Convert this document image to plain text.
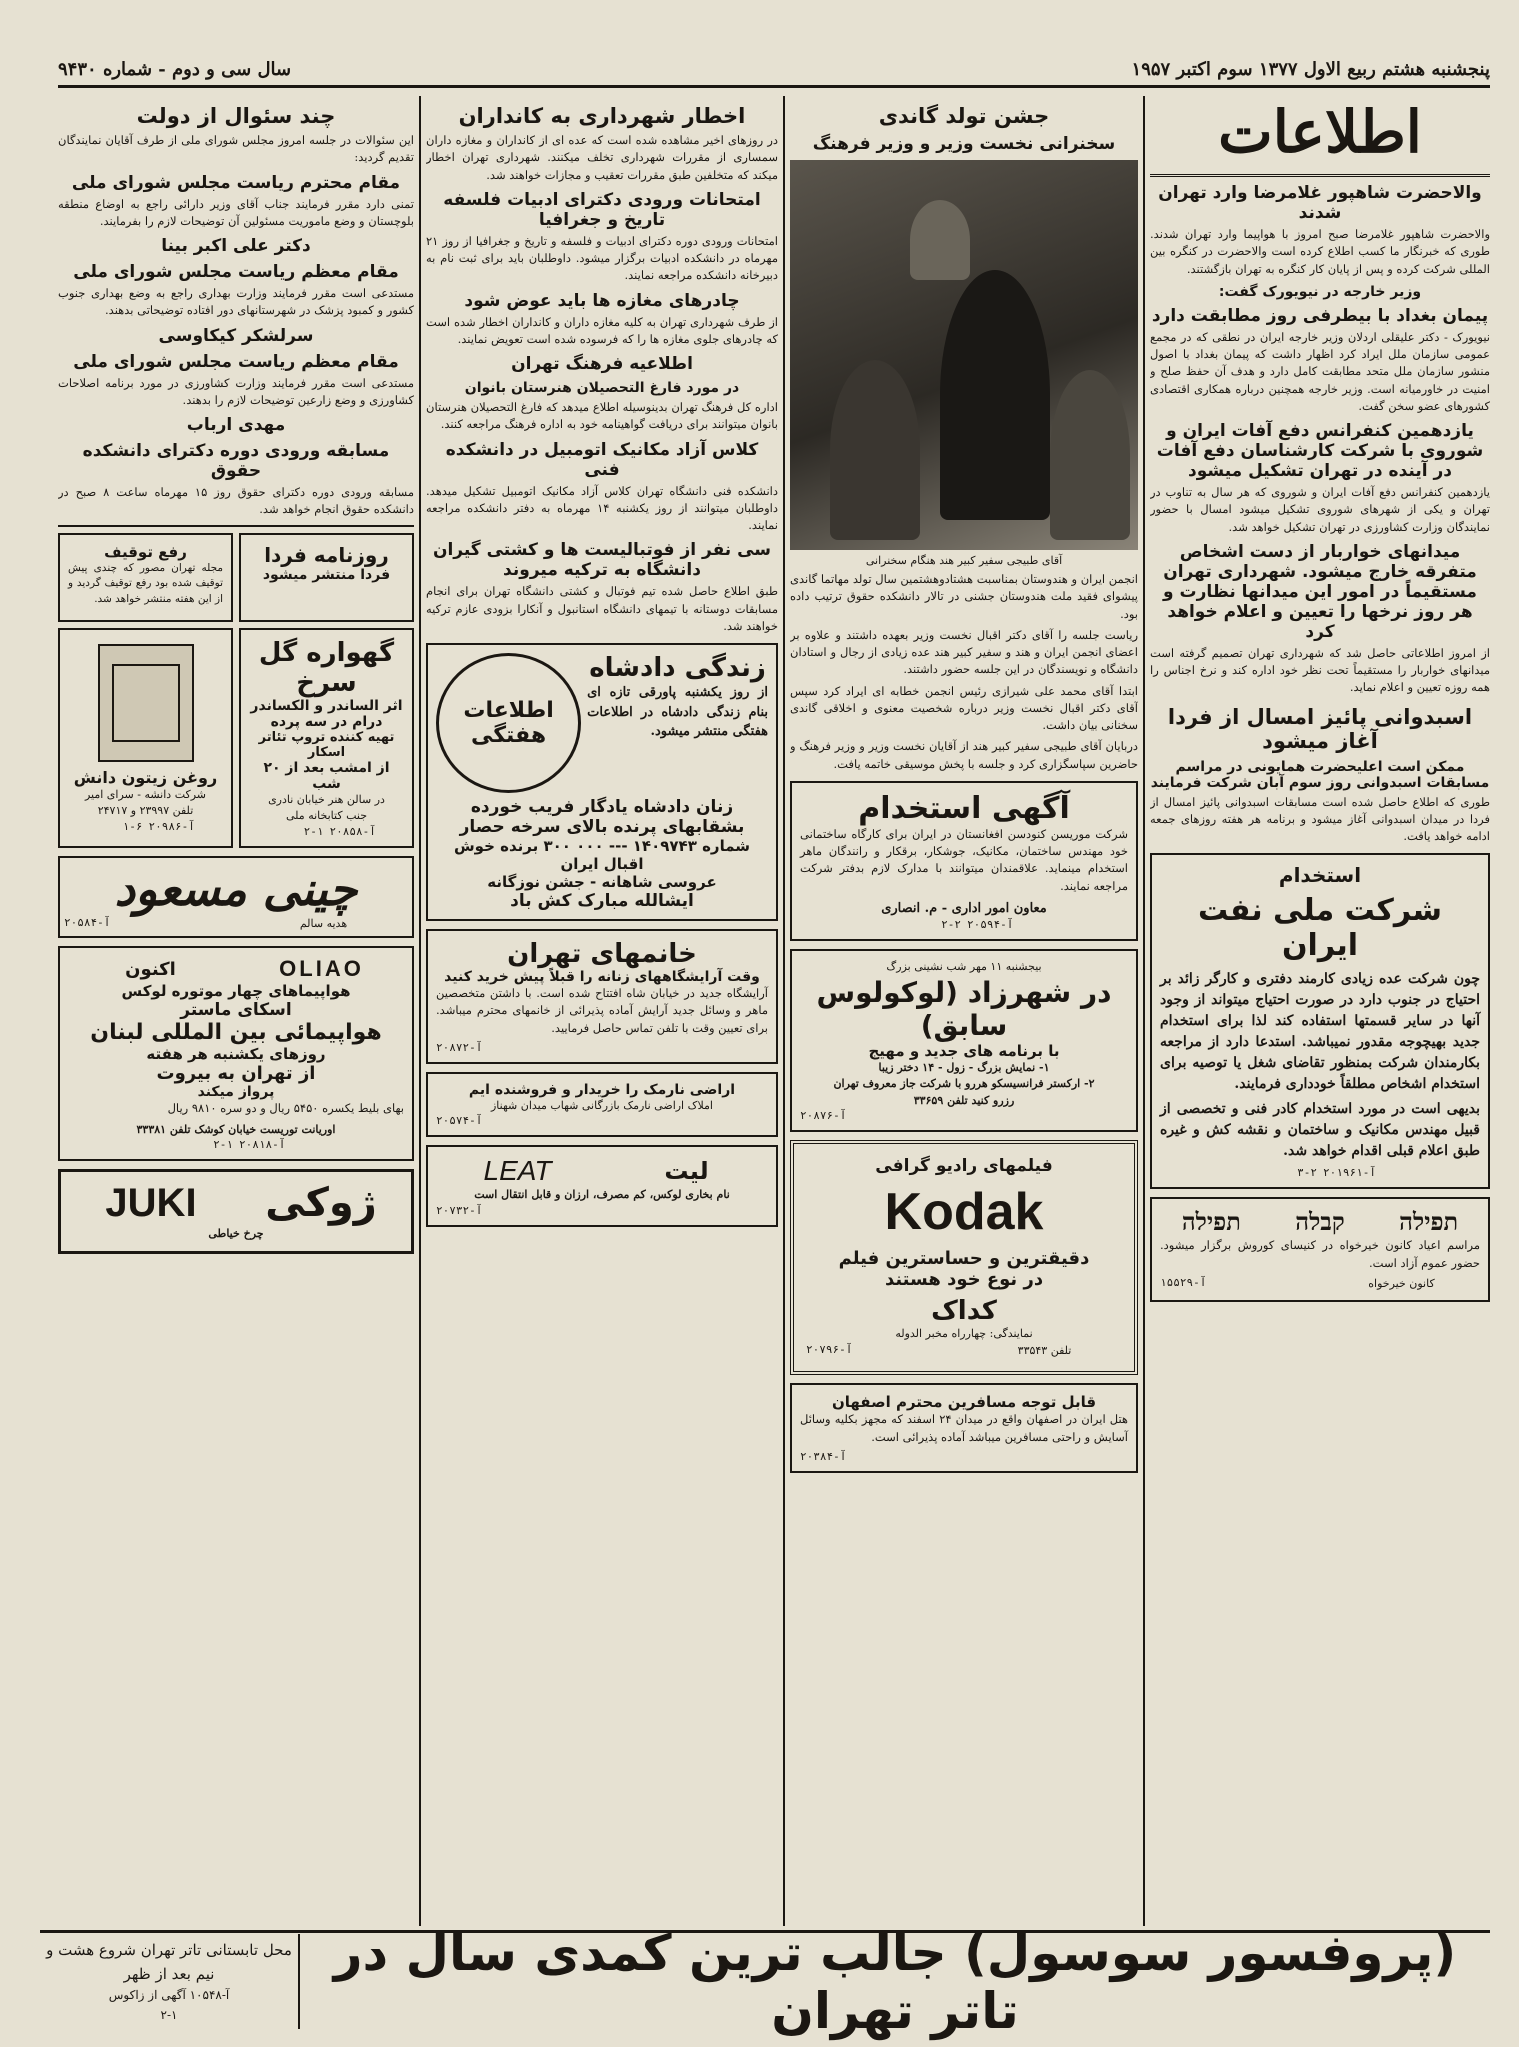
پنجشنبه هشتم ربیع الاول ۱۳۷۷ سوم اکتبر ۱۹۵۷
سال سی و دوم - شماره ۹۴۳۰
اطلاعات
والاحضرت شاهپور غلامرضا وارد تهران شدند

والاحضرت شاهپور غلامرضا صبح امروز با هواپیما وارد تهران شدند. طوری که خبرنگار ما کسب اطلاع کرده است والاحضرت در کنگره بین المللی شرکت کرده و پس از پایان کار کنگره به تهران بازگشتند.

وزیر خارجه در نیویورک گفت:
پیمان بغداد با بیطرفی روز مطابقت دارد

نیویورک - دکتر علیقلی اردلان وزیر خارجه ایران در نطقی که در مجمع عمومی سازمان ملل ایراد کرد اظهار داشت که پیمان بغداد با اصول منشور سازمان ملل متحد مطابقت کامل دارد و هدف آن حفظ صلح و امنیت در خاورمیانه است. وزیر خارجه همچنین درباره همکاری اقتصادی کشورهای عضو سخن گفت.

یازدهمین کنفرانس دفع آفات ایران و شوروی با شرکت کارشناسان دفع آفات در آینده در تهران تشکیل میشود

یازدهمین کنفرانس دفع آفات ایران و شوروی که هر سال به تناوب در تهران و یکی از شهرهای شوروی تشکیل میشود امسال با حضور نمایندگان وزارت کشاورزی در تهران تشکیل خواهد شد.

میدانهای خواربار از دست اشخاص متفرقه خارج میشود. شهرداری تهران مستقیماً در امور این میدانها نظارت و هر روز نرخها را تعیین و اعلام خواهد کرد

از امروز اطلاعاتی حاصل شد که شهرداری تهران تصمیم گرفته است میدانهای خواربار را مستقیماً تحت نظر خود اداره کند و نرخ اجناس را همه روزه تعیین و اعلام نماید.

اسبدوانی پائیز امسال از فردا آغاز میشود
ممکن است اعلیحضرت همایونی در مراسم مسابقات اسبدوانی روز سوم آبان شرکت فرمایند

طوری که اطلاع حاصل شده است مسابقات اسبدوانی پائیز امسال از فردا در میدان اسبدوانی آغاز میشود و برنامه هر هفته روزهای جمعه ادامه خواهد یافت.

استخدام
شرکت ملی نفت ایران

چون شرکت عده زیادی کارمند دفتری و کارگر زائد بر احتیاج در جنوب دارد در صورت احتیاج میتواند از وجود آنها در سایر قسمتها استفاده کند لذا برای استخدام جدید بهیچوجه مقدور نمیباشد. استدعا دارد از مراجعه بکارمندان شرکت بمنظور تقاضای شغل یا توصیه برای استخدام اشخاص مطلقاً خودداری فرمایند.

بدیهی است در مورد استخدام کادر فنی و تخصصی از قبیل مهندس مکانیک و ساختمان و نقشه کش و غیره طبق اعلام قبلی اقدام خواهد شد.

آ-۲۰۱۹۶۱
۳-۲
תפילה
קבלה
תפילה

مراسم اعیاد کانون خیرخواه در کنیسای کوروش برگزار میشود. حضور عموم آزاد است.

کانون خیرخواه
آ-۱۵۵۲۹
جشن تولد گاندی
سخنرانی نخست وزیر و وزیر فرهنگ
آقای طبیجی سفیر کبیر هند هنگام سخنرانی

انجمن ایران و هندوستان بمناسبت هشتادوهشتمین سال تولد مهاتما گاندی پیشوای فقید ملت هندوستان جشنی در تالار دانشکده حقوق ترتیب داده بود.

ریاست جلسه را آقای دکتر اقبال نخست وزیر بعهده داشتند و علاوه بر اعضای انجمن ایران و هند و سفیر کبیر هند عده زیادی از رجال و استادان دانشگاه و نویسندگان در این جلسه حضور داشتند.

ابتدا آقای محمد علی شیرازی رئیس انجمن خطابه ای ایراد کرد سپس آقای دکتر اقبال نخست وزیر درباره شخصیت معنوی و اخلاقی گاندی سخنانی بیان داشت.

دربایان آقای طبیجی سفیر کبیر هند از آقایان نخست وزیر و وزیر فرهنگ و حاضرین سپاسگزاری کرد و جلسه با پخش موسیقی خاتمه یافت.

آگهی استخدام

شرکت موریسن کنودسن افغانستان در ایران برای کارگاه ساختمانی خود مهندس ساختمان، مکانیک، جوشکار، برقکار و رانندگان ماهر استخدام مینماید. علاقمندان میتوانند با مدارک لازم بدفتر شرکت مراجعه نمایند.

معاون امور اداری - م. انصاری
آ-۲۰۵۹۴
۲-۲
بیجشنبه ۱۱ مهر شب نشینی بزرگ
در شهرزاد (لوکولوس سابق)
با برنامه های جدید و مهیج
۱- نمایش بزرگ - زول - ۱۴ دختر زیبا
۲- ارکستر فرانسیسکو هررو با شرکت جاز معروف تهران
رزرو کنید تلفن ۳۳۶۵۹
آ-۲۰۸۷۶
فیلمهای رادیو گرافی
Kodak
دقیقترین و حساسترین فیلم
در نوع خود هستند
کداک
نمایندگی: چهارراه مخبر الدوله
تلفن ۳۳۵۴۳
آ-۲۰۷۹۶
قابل توجه مسافرین محترم اصفهان

هتل ایران در اصفهان واقع در میدان ۲۴ اسفند که مجهز بکلیه وسائل آسایش و راحتی مسافرین میباشد آماده پذیرائی است.

آ-۲۰۳۸۴
اخطار شهرداری به کانداران

در روزهای اخیر مشاهده شده است که عده ای از کانداران و مغازه داران سمساری از مقررات شهرداری تخلف میکنند. شهرداری تهران اخطار میکند که متخلفین طبق مقررات تعقیب و مجازات خواهند شد.

امتحانات ورودی دکترای ادبیات فلسفه تاریخ و جغرافیا

امتحانات ورودی دوره دکترای ادبیات و فلسفه و تاریخ و جغرافیا از روز ۲۱ مهرماه در دانشکده ادبیات برگزار میشود. داوطلبان باید برای ثبت نام به دبیرخانه دانشکده مراجعه نمایند.

چادرهای مغازه ها باید عوض شود

از طرف شهرداری تهران به کلیه مغازه داران و کانداران اخطار شده است که چادرهای جلوی مغازه ها را که فرسوده شده است تعویض نمایند.

اطلاعیه فرهنگ تهران
در مورد فارغ التحصیلان هنرستان بانوان

اداره کل فرهنگ تهران بدینوسیله اطلاع میدهد که فارغ التحصیلان هنرستان بانوان میتوانند برای دریافت گواهینامه خود به اداره فرهنگ مراجعه کنند.

کلاس آزاد مکانیک اتومبیل در دانشکده فنی

دانشکده فنی دانشگاه تهران کلاس آزاد مکانیک اتومبیل تشکیل میدهد. داوطلبان میتوانند از روز یکشنبه ۱۴ مهرماه به دفتر دانشکده مراجعه نمایند.

سی نفر از فوتبالیست ها و کشتی گیران دانشگاه به ترکیه میروند

طبق اطلاع حاصل شده تیم فوتبال و کشتی دانشگاه تهران برای انجام مسابقات دوستانه با تیمهای دانشگاه استانبول و آنکارا بزودی عازم ترکیه خواهند شد.

زندگی دادشاه

از روز یکشنبه پاورقی تازه ای بنام زندگی دادشاه در اطلاعات هفتگی منتشر میشود.

اطلاعات هفتگی
زنان دادشاه یادگار فریب خورده
بشقابهای پرنده بالای سرخه حصار
شماره ۱۴۰۹۷۴۳ --- ۰۰۰ ۳۰۰ برنده خوش اقبال ایران
عروسی شاهانه - جشن نوزگانه
ایشالله مبارک کش باد
خانمهای تهران
وقت آرایشگاههای زنانه را قبلاً پیش خرید کنید

آرایشگاه جدید در خیابان شاه افتتاح شده است. با داشتن متخصصین ماهر و وسائل جدید آرایش آماده پذیرائی از خانمهای محترم میباشد. برای تعیین وقت با تلفن تماس حاصل فرمایید.

آ-۲۰۸۷۲
اراضی نارمک را خریدار و فروشنده ایم
املاک اراضی نارمک بازرگانی شهاب میدان شهناز
آ-۲۰۵۷۴
لیت
LEAT
نام بخاری لوکس، کم مصرف، ارزان و قابل انتقال است
آ-۲۰۷۳۲
چند سئوال از دولت

این سئوالات در جلسه امروز مجلس شورای ملی از طرف آقایان نمایندگان تقدیم گردید:

مقام محترم ریاست مجلس شورای ملی

تمنی دارد مقرر فرمایند جناب آقای وزیر دارائی راجع به اوضاع منطقه بلوچستان و وضع ماموریت مسئولین آن توضیحات لازم را بفرمایند.

دکتر علی اکبر بینا
مقام معظم ریاست مجلس شورای ملی

مستدعی است مقرر فرمایند وزارت بهداری راجع به وضع بهداری جنوب کشور و کمبود پزشک در شهرستانهای دور افتاده توضیحاتی بدهند.

سرلشکر کیکاوسی
مقام معظم ریاست مجلس شورای ملی

مستدعی است مقرر فرمایند وزارت کشاورزی در مورد برنامه اصلاحات کشاورزی و وضع زارعین توضیحات لازم را بدهند.

مهدی ارباب
مسابقه ورودی دوره دکترای دانشکده حقوق

مسابقه ورودی دوره دکترای حقوق روز ۱۵ مهرماه ساعت ۸ صبح در دانشکده حقوق انجام خواهد شد.

روزنامه فردا
فردا منتشر میشود
رفع توقیف

مجله تهران مصور که چندی پیش توقیف شده بود رفع توقیف گردید و از این هفته منتشر خواهد شد.

گهواره گل سرخ
اثر الساندر و الکساندر
درام در سه پرده
تهیه کننده تروپ تئاتر اسکار
از امشب بعد از ۲۰ شب
در سالن هنر خیابان نادری
جنب کتابخانه ملی
آ-۲۰۸۵۸
۲-۱
روغن زیتون دانش
شرکت دانشه - سرای امیر
تلفن ۲۳۹۹۷ و ۲۴۷۱۷
آ-۲۰۹۸۶
۱-۶
چینی مسعود
هدیه سالم
آ-۲۰۵۸۴
OLIAO
اکنون
هواپیماهای چهار موتوره لوکس
اسکای ماستر
هواپیمائی بین المللی لبنان
روزهای یکشنبه هر هفته
از تهران به بیروت
پرواز میکند

بهای بلیط یکسره ۵۴۵۰ ریال و دو سره ۹۸۱۰ ریال

اوریانت توریست خیابان کوشک تلفن ۳۳۳۸۱
آ-۲۰۸۱۸
۲-۱
ژوکی
JUKI
چرخ خیاطی
(پروفسور سوسول) جالب ترین کمدی سال در تاتر تهران
محل تابستانی تاتر تهران شروع هشت و نیم بعد از ظهر
آ-۱۰۵۴۸ آگهی از زاکوس
۲-۱
